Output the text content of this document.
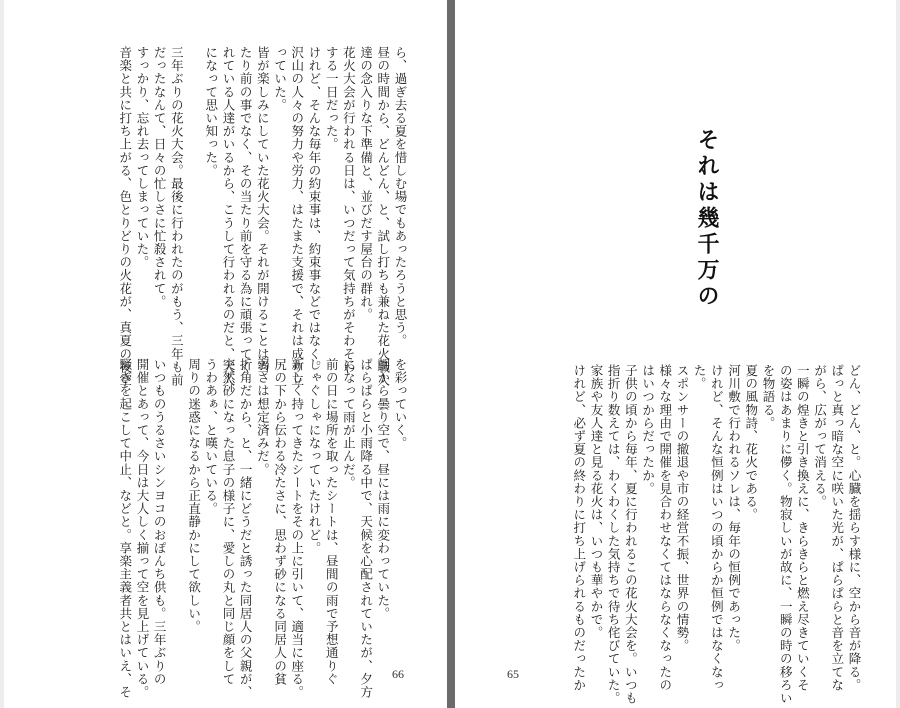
ら、過ぎ去る夏を惜しむ場でもあったろうと思う。

昼の時間から、どんどん、と、試し打ちも兼ねた花火職人

達の念入りな下準備と、並びだす屋台の群れ。

花火大会が行われる日は、いつだって気持ちがそわそわ

する一日だった。

けれど、そんな毎年の約束事は、約束事などではなく。

沢山の人々の努力や労力、はたまた支援で、それは成り立

っていた。

皆が楽しみにしていた花火大会。それが開けることは当

たり前の事でなく、その当たり前を守る為に頑張ってく

れている人達がいるから、こうして行われるのだと、大人

になって思い知った。

三年ぶりの花火大会。最後に行われたのがもう、三年も前

だったなんて、日々の忙しさに忙殺されて。

すっかり、忘れ去ってしまっていた。

音楽と共に打ち上がる、色とりどりの火花が、真夏の夜空

を彩っていく。

朝から曇り空で、昼には雨に変わっていた。

ぱらぱらと小雨降る中で、天候を心配されていたが、夕方

になって雨が止んだ。

前の日に場所を取ったシートは、昼間の雨で予想通りぐ

しゃぐしゃになっていたけれど。

新しく持ってきたシートをその上に引いて、適当に座る。

尻の下から伝わる冷たさに、思わず砂になる同居人の貧

弱さは想定済みだ。

折角だから、と、一緒にどうだと誘った同居人の父親が、

突然砂になった息子の様子に、愛しの丸と同じ顔をして

うわあぁ、と嘆いている。

周りの迷惑になるから正直静かにして欲しい。

いつものうるさいシンヨコのおぽんち供も。三年ぶりの

開催とあって、今日は大人しく揃って空を見上げている。

騒ぎを起こして中止、などと。享楽主義者共とはいえ、そ	66
それは幾千万の

どん、どん、と。心臓を揺らす様に、空から音が降る。

ぱっと真っ暗な空に咲いた光が、ぱらぱらと音を立てな

がら、広がって消える。

一瞬の煌きと引き換えに、きらきらと燃え尽きていくそ

の姿はあまりに儚く。物寂しいが故に、一瞬の時の移ろい

を物語る。

夏の風物詩、花火である。

河川敷で行われるソレは、毎年の恒例であった。

けれど、そんな恒例はいつの頃からか恒例ではなくなっ

た。

スポンサーの撤退や市の経営不振、世界の情勢。

様々な理由で開催を見合わせなくてはならなくなったの

はいつからだったか。

子供の頃から毎年、夏に行われるこの花火大会を。いつも

指折り数えては、わくわくした気持ちで待ち侘びていた。

家族や友人達と見る花火は、いつも華やかで。

けれど、必ず夏の終わりに打ち上げられるものだったか

65
